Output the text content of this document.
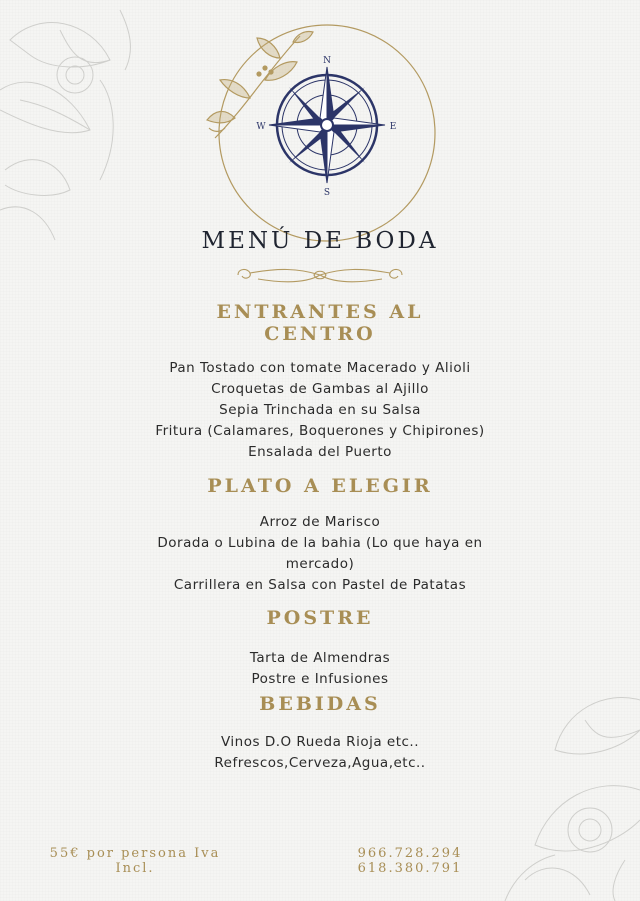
N
S
E
W
MENÚ DE BODA
ENTRANTES AL
CENTRO
Pan Tostado con tomate Macerado y Alioli
Croquetas de Gambas al Ajillo
Sepia Trinchada en su Salsa
Fritura (Calamares, Boquerones y Chipirones)
Ensalada del Puerto
PLATO A ELEGIR
Arroz de Marisco
Dorada o Lubina de la bahia (Lo que haya en
mercado)
Carrillera en Salsa con Pastel de Patatas
POSTRE
Tarta de Almendras
Postre e Infusiones
BEBIDAS
Vinos D.O Rueda Rioja etc..
Refrescos,Cerveza,Agua,etc..
55€ por persona Iva
Incl.
966.728.294
618.380.791
